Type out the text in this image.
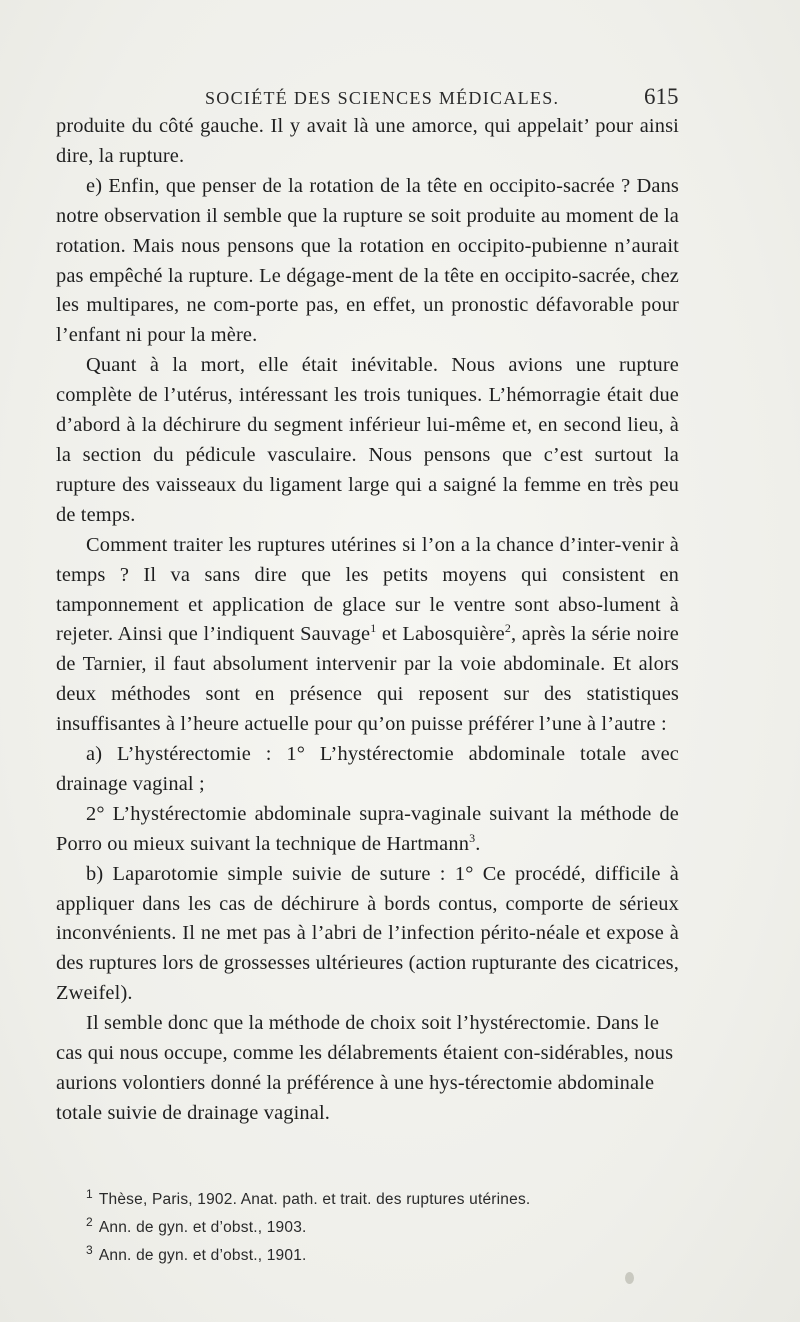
SOCIÉTÉ DES SCIENCES MÉDICALES.	615

produite du côté gauche. Il y avait là une amorce, qui appelait’ pour ainsi dire, la rupture.

e) Enfin, que penser de la rotation de la tête en occipito-sacrée ? Dans notre observation il semble que la rupture se soit produite au moment de la rotation. Mais nous pensons que la rotation en occipito-pubienne n’aurait pas empêché la rupture. Le dégage-ment de la tête en occipito-sacrée, chez les multipares, ne com-porte pas, en effet, un pronostic défavorable pour l’enfant ni pour la mère.

Quant à la mort, elle était inévitable. Nous avions une rupture complète de l’utérus, intéressant les trois tuniques. L’hémorragie était due d’abord à la déchirure du segment inférieur lui-même et, en second lieu, à la section du pédicule vasculaire. Nous pensons que c’est surtout la rupture des vaisseaux du ligament large qui a saigné la femme en très peu de temps.

Comment traiter les ruptures utérines si l’on a la chance d’inter-venir à temps ? Il va sans dire que les petits moyens qui consistent en tamponnement et application de glace sur le ventre sont abso-lument à rejeter. Ainsi que l’indiquent Sauvage$^1$ et Labosquière$^2$, après la série noire de Tarnier, il faut absolument intervenir par la voie abdominale. Et alors deux méthodes sont en présence qui reposent sur des statistiques insuffisantes à l’heure actuelle pour qu’on puisse préférer l’une à l’autre :

a) L’hystérectomie : 1° L’hystérectomie abdominale totale avec drainage vaginal ;

2° L’hystérectomie abdominale supra-vaginale suivant la méthode de Porro ou mieux suivant la technique de Hartmann$^3$.

b) Laparotomie simple suivie de suture : 1° Ce procédé, difficile à appliquer dans les cas de déchirure à bords contus, comporte de sérieux inconvénients. Il ne met pas à l’abri de l’infection périto-néale et expose à des ruptures lors de grossesses ultérieures (action rupturante des cicatrices, Zweifel).

Il semble donc que la méthode de choix soit l’hystérectomie. Dans le cas qui nous occupe, comme les délabrements étaient con-sidérables, nous aurions volontiers donné la préférence à une hys-térectomie abdominale totale suivie de drainage vaginal.

$^1$ Thèse, Paris, 1902. Anat. path. et trait. des ruptures utérines.

$^2$ Ann. de gyn. et d’obst., 1903.

$^3$ Ann. de gyn. et d’obst., 1901.
